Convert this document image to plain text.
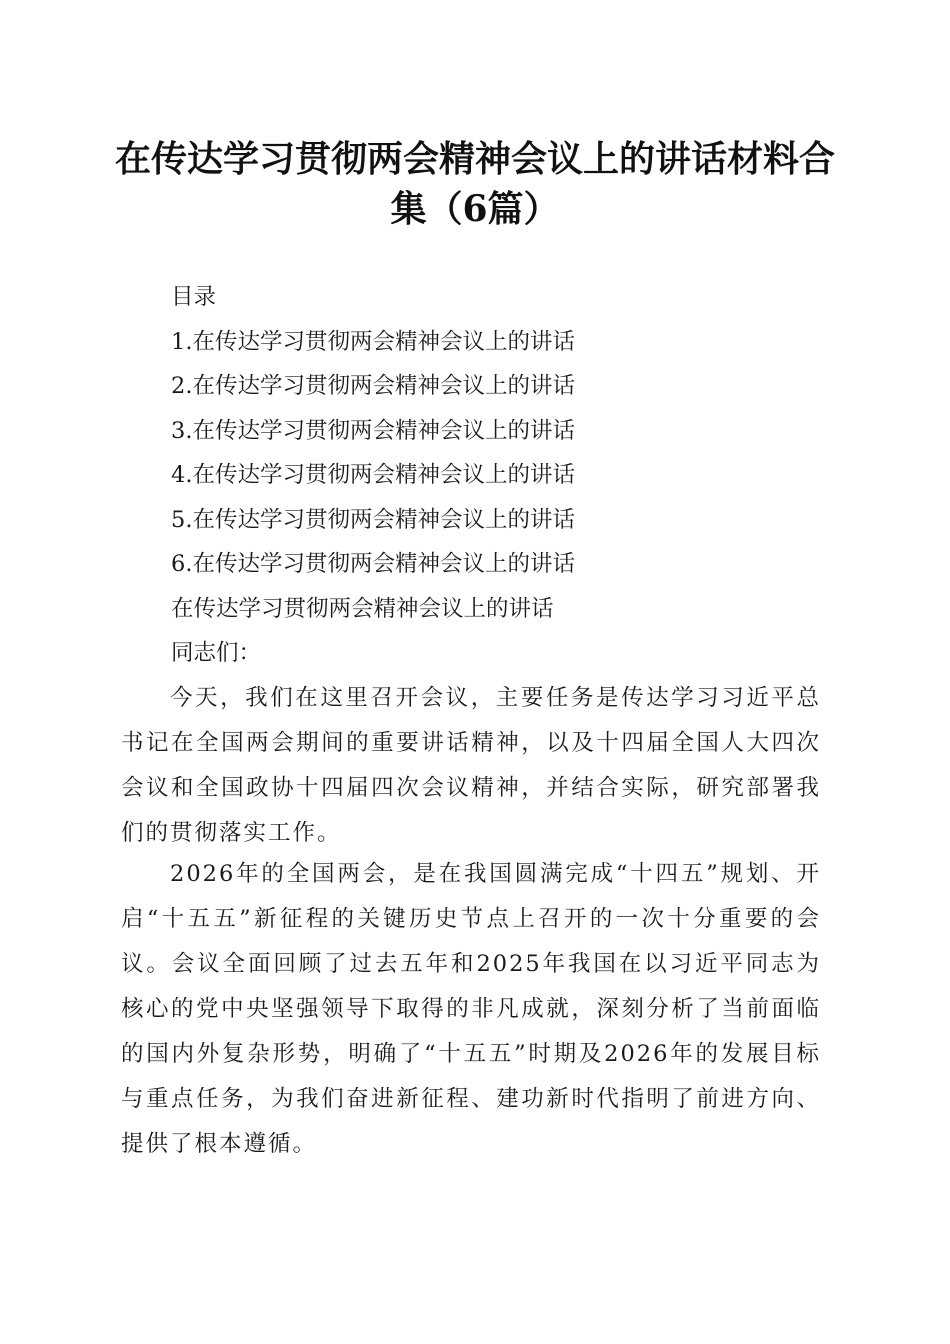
在传达学习贯彻两会精神会议上的讲话材料合集（6篇）

目录

1.在传达学习贯彻两会精神会议上的讲话

2.在传达学习贯彻两会精神会议上的讲话

3.在传达学习贯彻两会精神会议上的讲话

4.在传达学习贯彻两会精神会议上的讲话

5.在传达学习贯彻两会精神会议上的讲话

6.在传达学习贯彻两会精神会议上的讲话

在传达学习贯彻两会精神会议上的讲话

同志们：

今天，我们在这里召开会议，主要任务是传达学习习近平总书记在全国两会期间的重要讲话精神，以及十四届全国人大四次会议和全国政协十四届四次会议精神，并结合实际，研究部署我们的贯彻落实工作。

2026年的全国两会，是在我国圆满完成“十四五”规划、开启“十五五”新征程的关键历史节点上召开的一次十分重要的会议。会议全面回顾了过去五年和2025年我国在以习近平同志为核心的党中央坚强领导下取得的非凡成就，深刻分析了当前面临的国内外复杂形势，明确了“十五五”时期及2026年的发展目标与重点任务，为我们奋进新征程、建功新时代指明了前进方向、提供了根本遵循。
